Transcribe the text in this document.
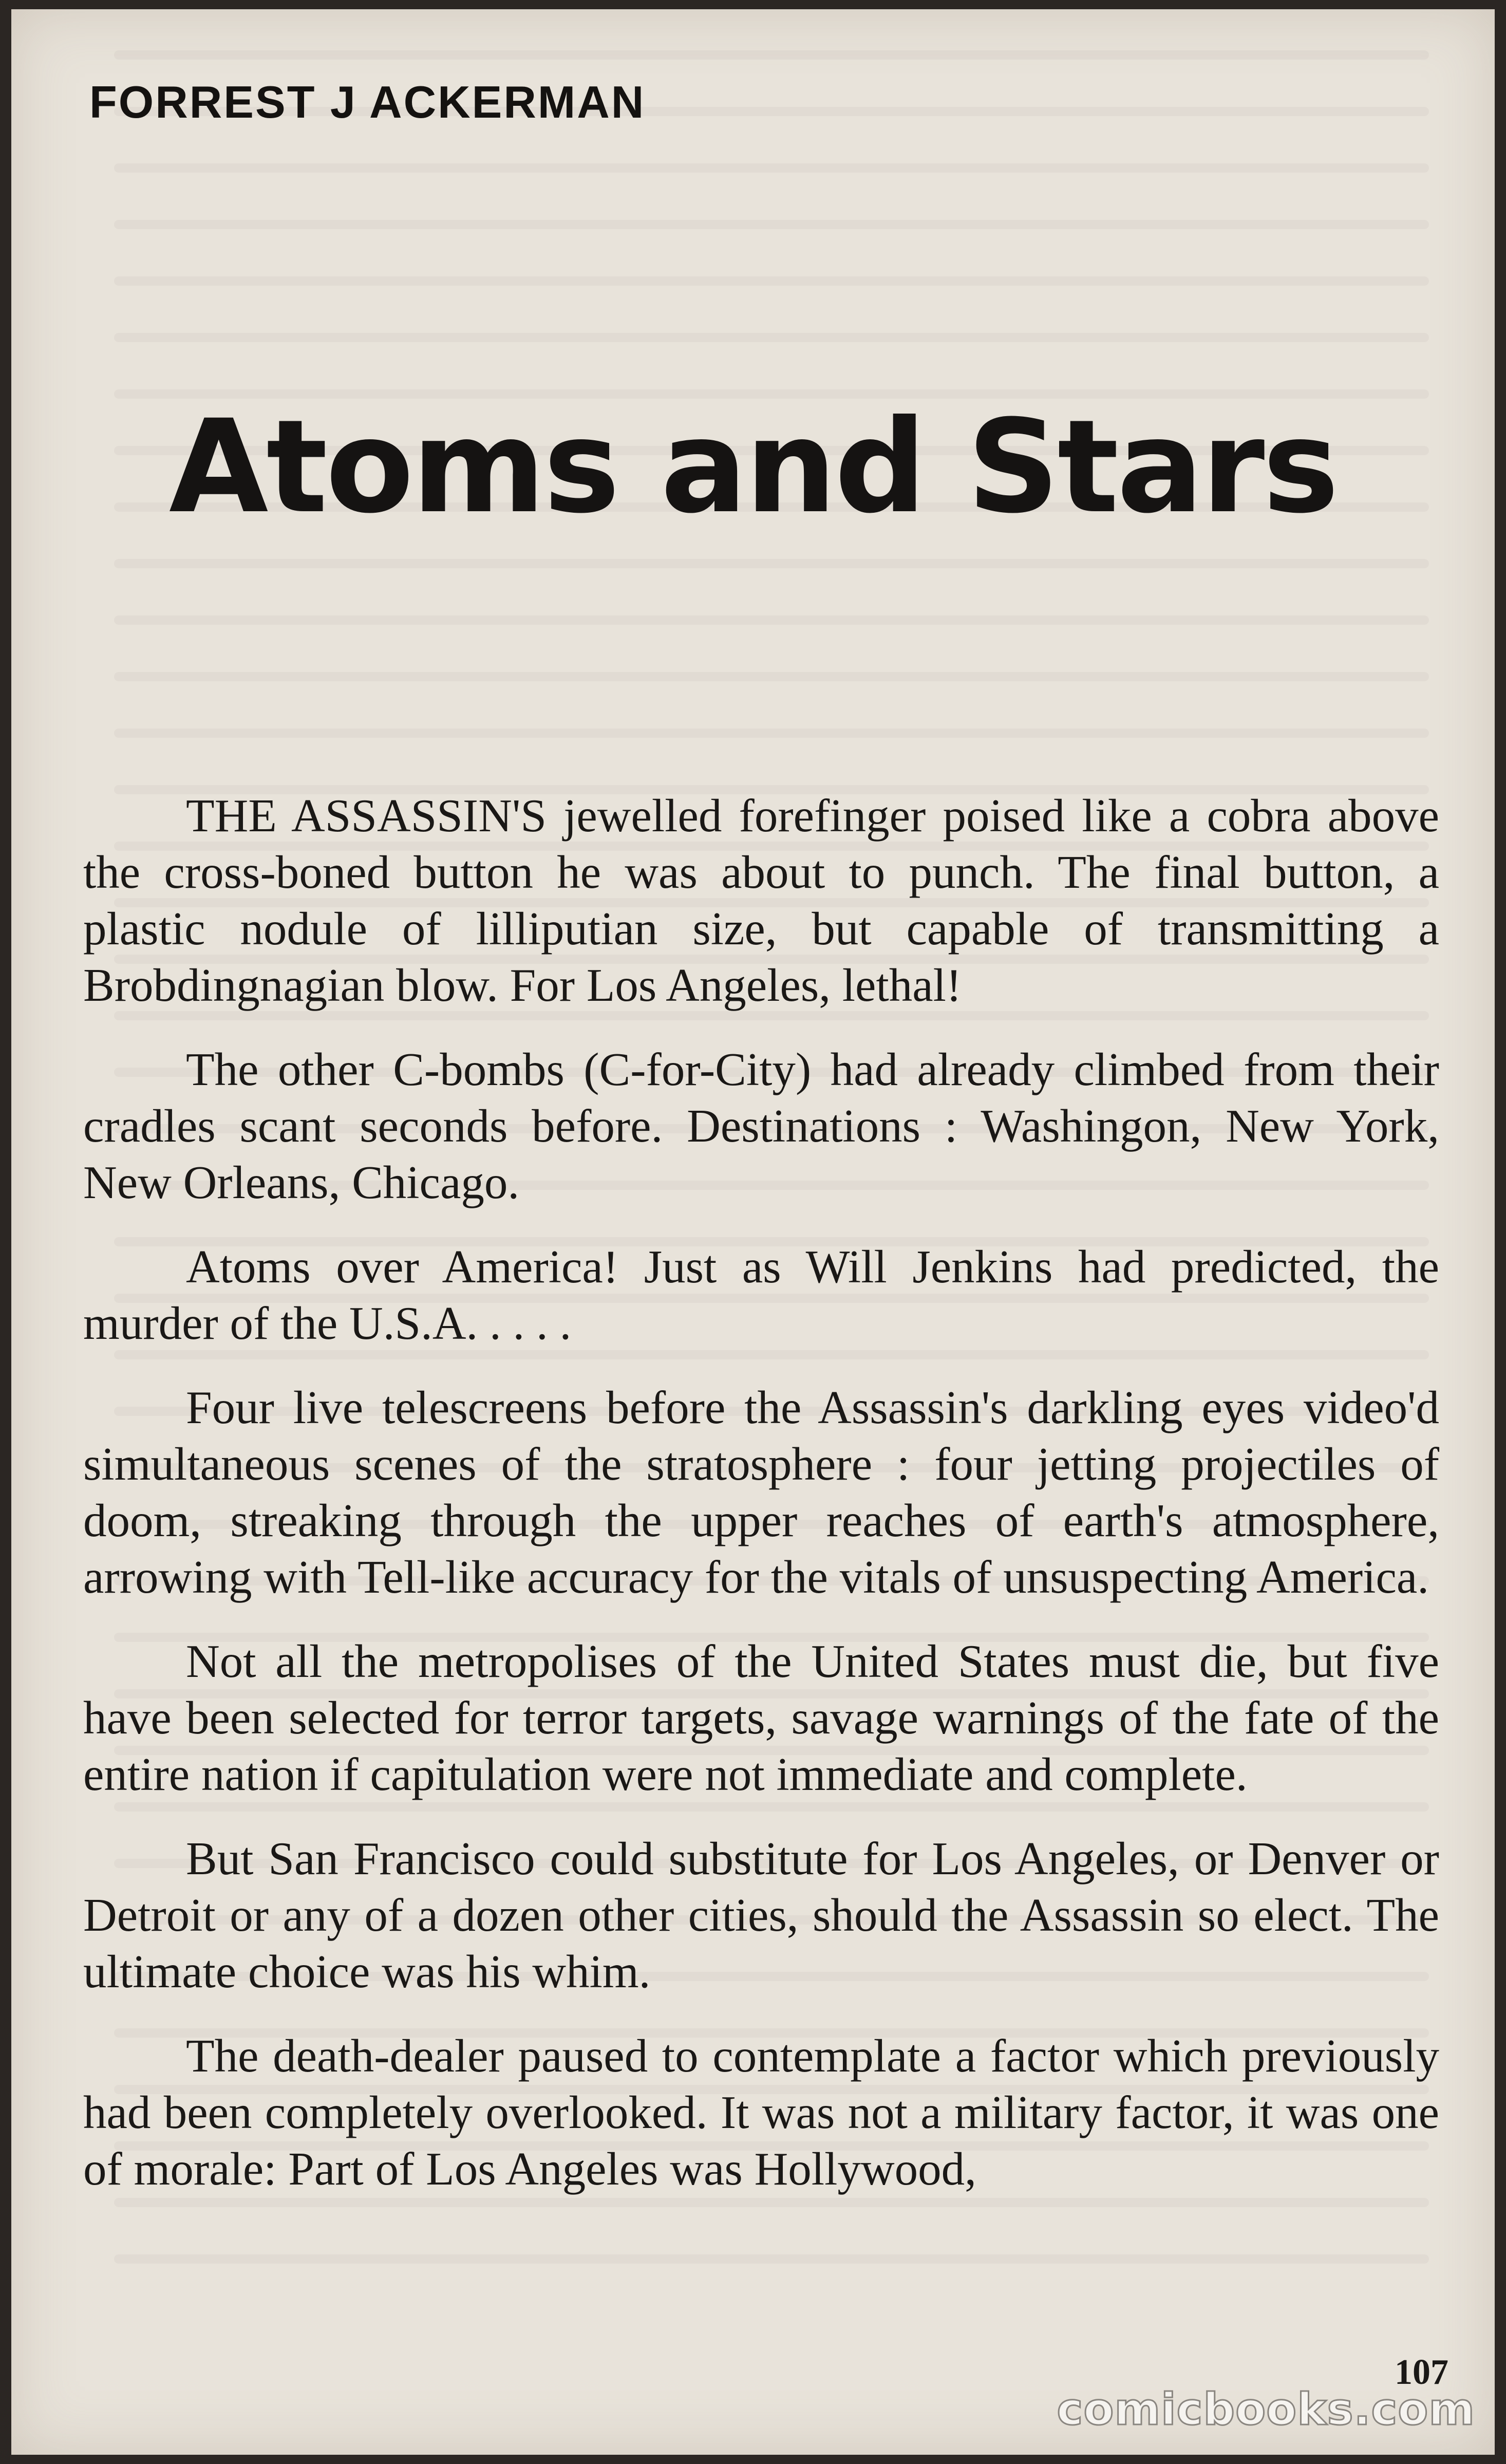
FORREST J ACKERMAN
Atoms and Stars

THE ASSASSIN'S jewelled forefinger poised like a cobra above the cross-boned button he was about to punch. The final button, a plastic nodule of lilliputian size, but capable of transmitting a Brobdingnagian blow. For Los Angeles, lethal!

The other C-bombs (C-for-City) had already climbed from their cradles scant seconds before. Destinations : Washingon, New York, New Orleans, Chicago.

Atoms over America! Just as Will Jenkins had predicted, the murder of the U.S.A. . . . .

Four live telescreens before the Assassin's darkling eyes video'd simultaneous scenes of the stratosphere : four jetting projectiles of doom, streaking through the upper reaches of earth's atmosphere, arrowing with Tell-like accuracy for the vitals of unsuspecting America.

Not all the metropolises of the United States must die, but five have been selected for terror targets, savage warnings of the fate of the entire nation if capitulation were not immediate and complete.

But San Francisco could substitute for Los Angeles, or Denver or Detroit or any of a dozen other cities, should the Assassin so elect. The ultimate choice was his whim.

The death-dealer paused to contemplate a factor which previously had been completely overlooked. It was not a military factor, it was one of morale: Part of Los Angeles was Hollywood,

107
comicbooks.com
